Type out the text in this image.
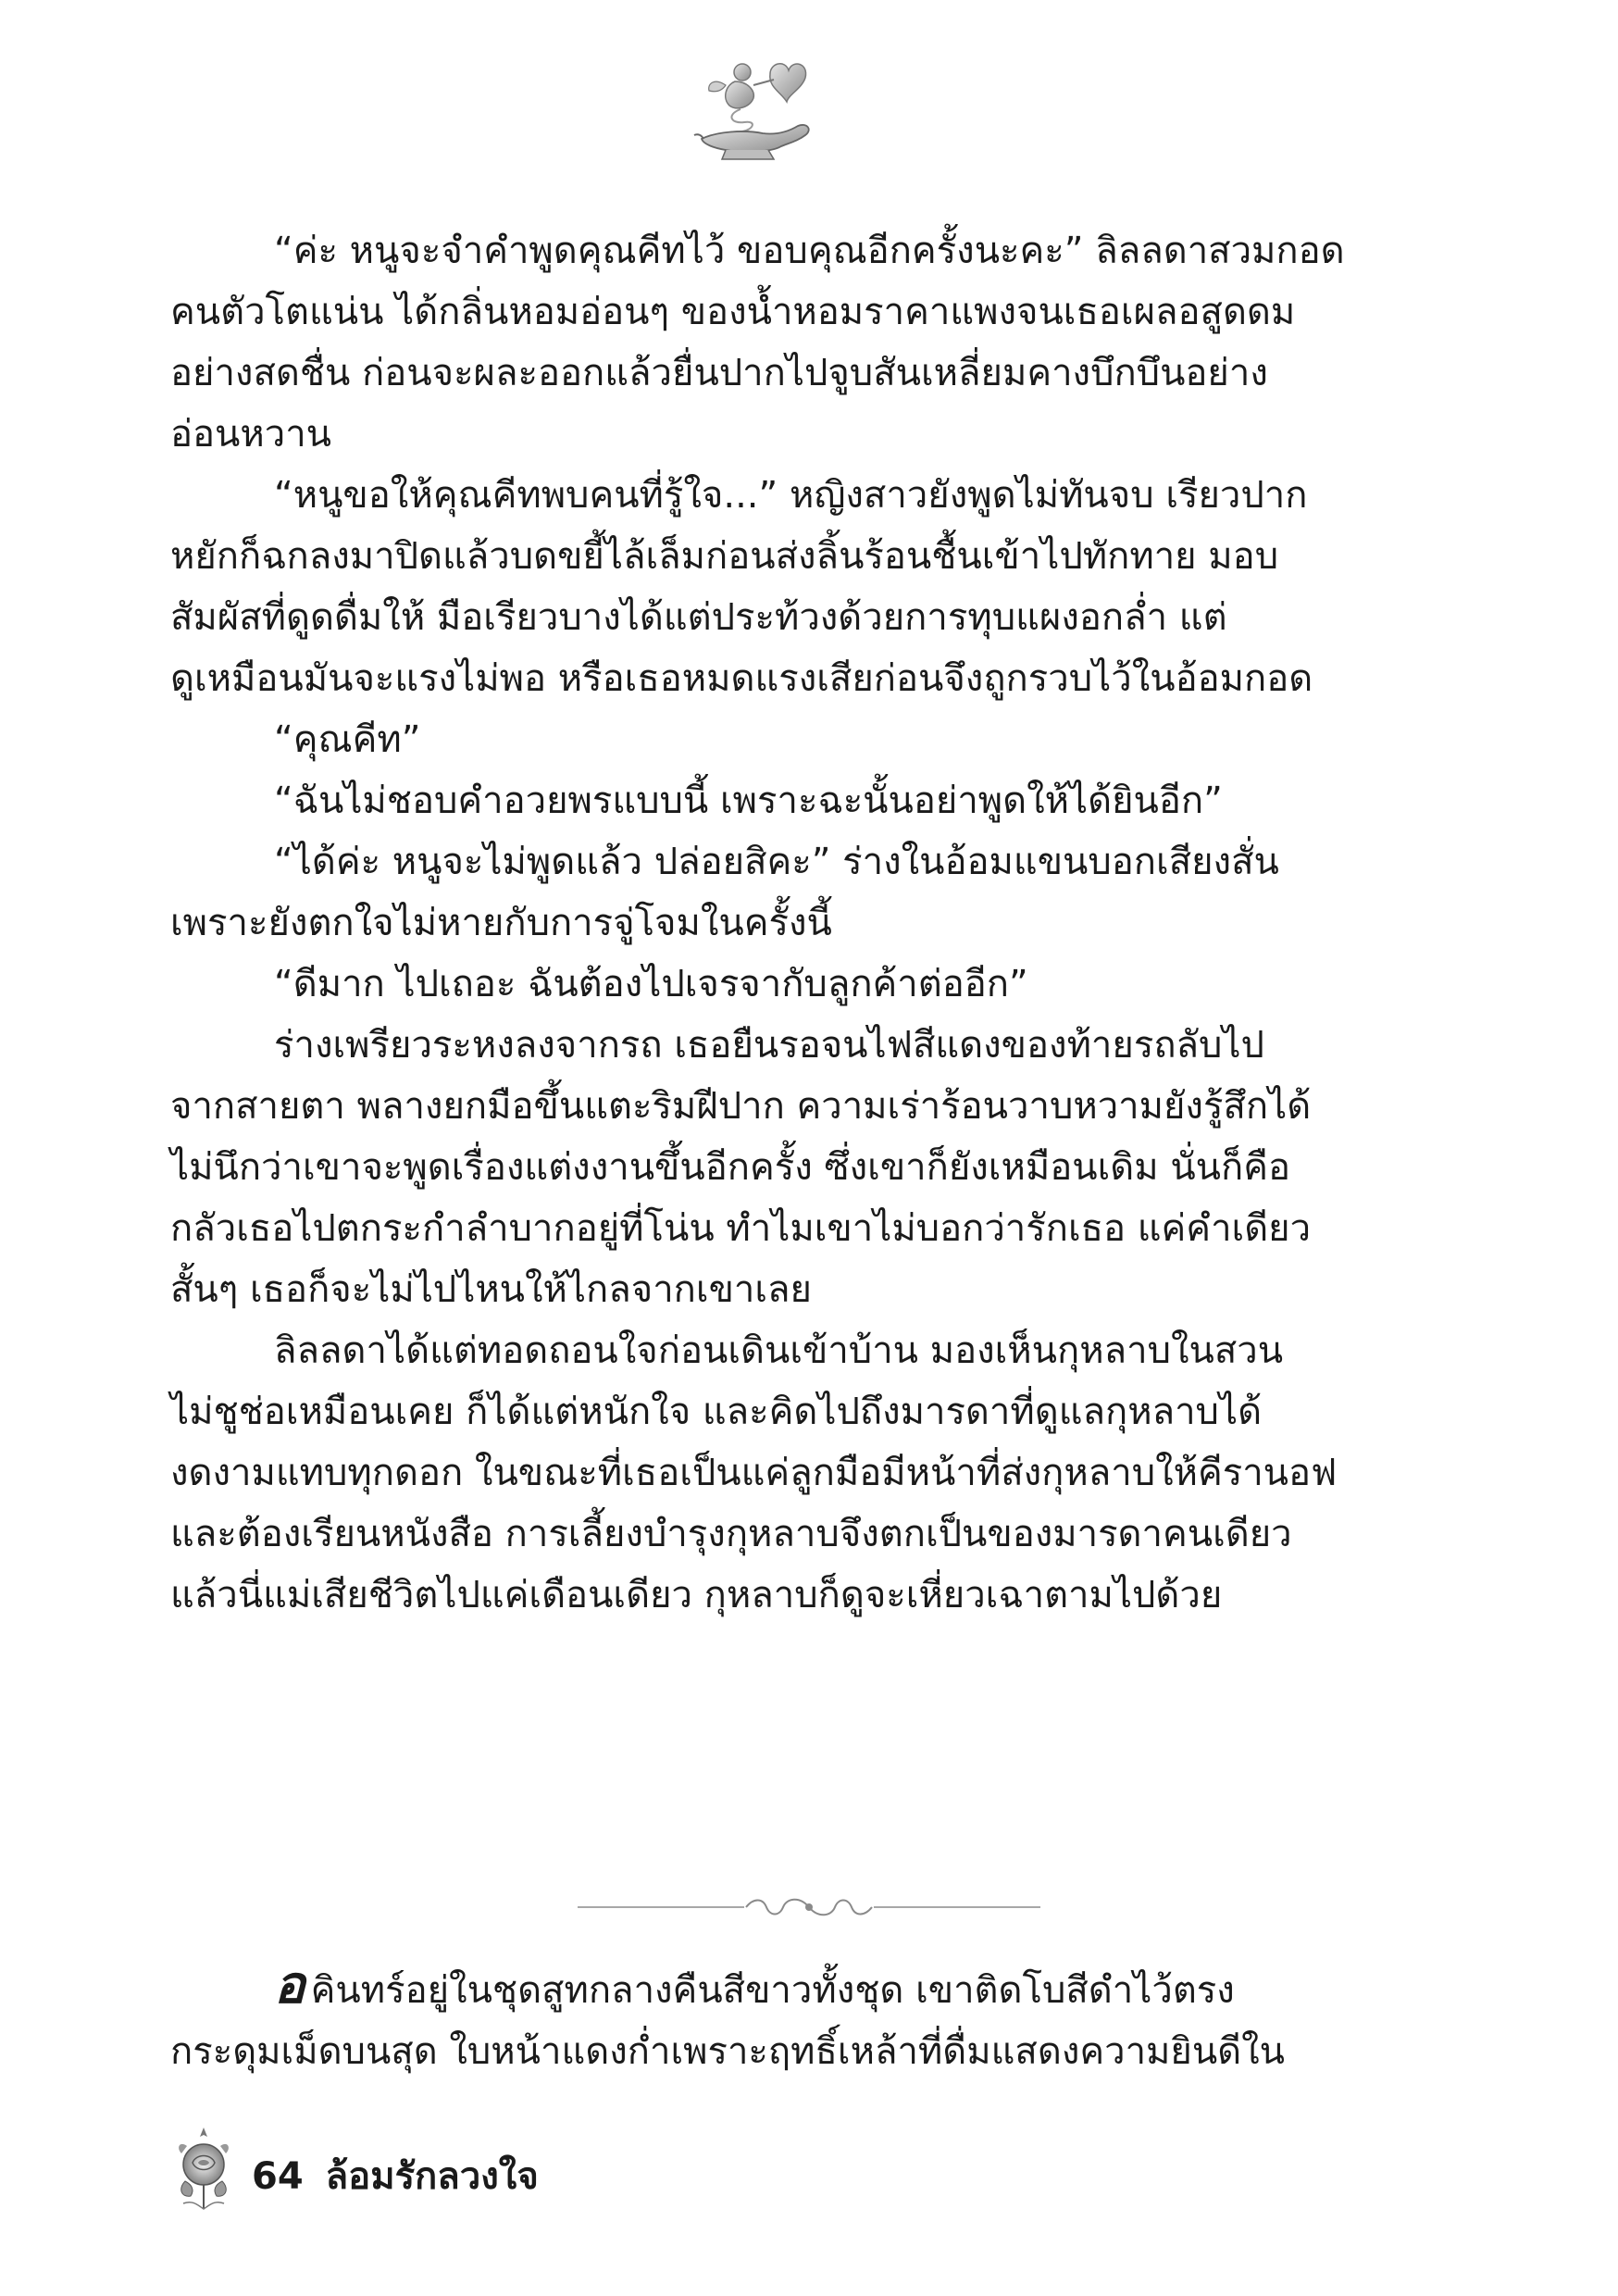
“ค่ะ หนูจะจำคำพูดคุณคีทไว้ ขอบคุณอีกครั้งนะคะ” ลิลลดาสวมกอด
คนตัวโตแน่น ได้กลิ่นหอมอ่อนๆ ของน้ำหอมราคาแพงจนเธอเผลอสูดดม
อย่างสดชื่น ก่อนจะผละออกแล้วยื่นปากไปจูบสันเหลี่ยมคางบึกบึนอย่าง
อ่อนหวาน
“หนูขอให้คุณคีทพบคนที่รู้ใจ...” หญิงสาวยังพูดไม่ทันจบ เรียวปาก
หยักก็ฉกลงมาปิดแล้วบดขยี้ไล้เล็มก่อนส่งลิ้นร้อนชื้นเข้าไปทักทาย มอบ
สัมผัสที่ดูดดื่มให้ มือเรียวบางได้แต่ประท้วงด้วยการทุบแผงอกล่ำ แต่
ดูเหมือนมันจะแรงไม่พอ หรือเธอหมดแรงเสียก่อนจึงถูกรวบไว้ในอ้อมกอด
“คุณคีท”
“ฉันไม่ชอบคำอวยพรแบบนี้ เพราะฉะนั้นอย่าพูดให้ได้ยินอีก”
“ได้ค่ะ หนูจะไม่พูดแล้ว ปล่อยสิคะ” ร่างในอ้อมแขนบอกเสียงสั่น
เพราะยังตกใจไม่หายกับการจู่โจมในครั้งนี้
“ดีมาก ไปเถอะ ฉันต้องไปเจรจากับลูกค้าต่ออีก”
ร่างเพรียวระหงลงจากรถ เธอยืนรอจนไฟสีแดงของท้ายรถลับไป
จากสายตา พลางยกมือขึ้นแตะริมฝีปาก ความเร่าร้อนวาบหวามยังรู้สึกได้
ไม่นึกว่าเขาจะพูดเรื่องแต่งงานขึ้นอีกครั้ง ซึ่งเขาก็ยังเหมือนเดิม นั่นก็คือ
กลัวเธอไปตกระกำลำบากอยู่ที่โน่น ทำไมเขาไม่บอกว่ารักเธอ แค่คำเดียว
สั้นๆ เธอก็จะไม่ไปไหนให้ไกลจากเขาเลย
ลิลลดาได้แต่ทอดถอนใจก่อนเดินเข้าบ้าน มองเห็นกุหลาบในสวน
ไม่ชูช่อเหมือนเคย ก็ได้แต่หนักใจ และคิดไปถึงมารดาที่ดูแลกุหลาบได้
งดงามแทบทุกดอก ในขณะที่เธอเป็นแค่ลูกมือมีหน้าที่ส่งกุหลาบให้คีรานอฟ
และต้องเรียนหนังสือ การเลี้ยงบำรุงกุหลาบจึงตกเป็นของมารดาคนเดียว
แล้วนี่แม่เสียชีวิตไปแค่เดือนเดียว กุหลาบก็ดูจะเหี่ยวเฉาตามไปด้วย
อ คินทร์อยู่ในชุดสูทกลางคืนสีขาวทั้งชุด เขาติดโบสีดำไว้ตรง
กระดุมเม็ดบนสุด ใบหน้าแดงก่ำเพราะฤทธิ์เหล้าที่ดื่มแสดงความยินดีใน
64 ล้อมรักลวงใจ
